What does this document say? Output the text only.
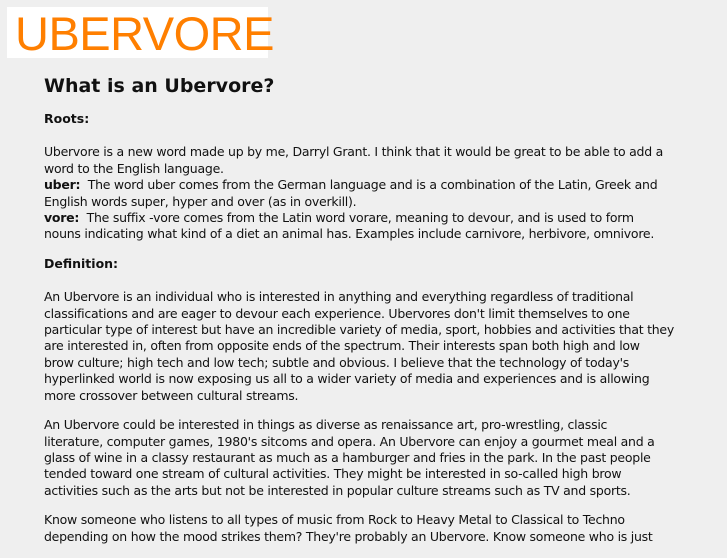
UBERVORE
What is an Ubervore?
Roots:
Ubervore is a new word made up by me, Darryl Grant. I think that it would be great to be able to add a
word to the English language.
uber: The word uber comes from the German language and is a combination of the Latin, Greek and
English words super, hyper and over (as in overkill).
vore: The suffix -vore comes from the Latin word vorare, meaning to devour, and is used to form
nouns indicating what kind of a diet an animal has. Examples include carnivore, herbivore, omnivore.
Definition:
An Ubervore is an individual who is interested in anything and everything regardless of traditional
classifications and are eager to devour each experience. Ubervores don't limit themselves to one
particular type of interest but have an incredible variety of media, sport, hobbies and activities that they
are interested in, often from opposite ends of the spectrum. Their interests span both high and low
brow culture; high tech and low tech; subtle and obvious. I believe that the technology of today's
hyperlinked world is now exposing us all to a wider variety of media and experiences and is allowing
more crossover between cultural streams.
An Ubervore could be interested in things as diverse as renaissance art, pro-wrestling, classic
literature, computer games, 1980's sitcoms and opera. An Ubervore can enjoy a gourmet meal and a
glass of wine in a classy restaurant as much as a hamburger and fries in the park. In the past people
tended toward one stream of cultural activities. They might be interested in so-called high brow
activities such as the arts but not be interested in popular culture streams such as TV and sports.
Know someone who listens to all types of music from Rock to Heavy Metal to Classical to Techno
depending on how the mood strikes them? They're probably an Ubervore. Know someone who is just
